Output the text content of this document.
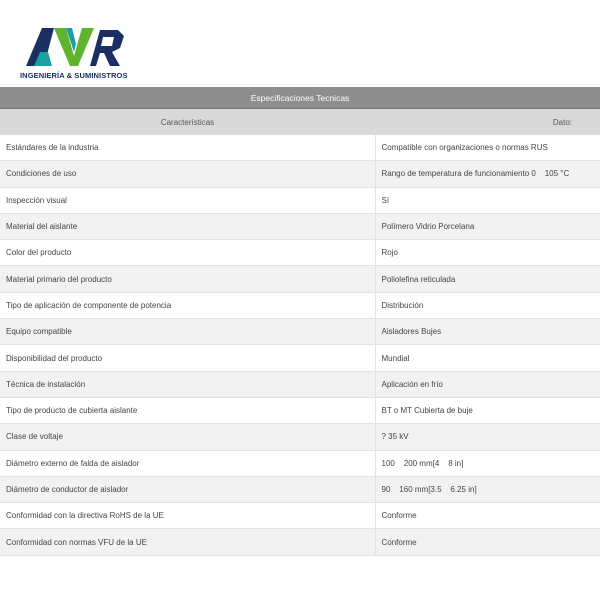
INGENIERÍA & SUMINISTROS
Especificaciones Tecnicas	
Características	Dato:
Estándares de la industria	Compatible con organizaciones o normas RUS
Condiciones de uso	Rango de temperatura de funcionamiento 0    105 °C
Inspección visual	Sí
Material del aislante	Polímero Vidrio Porcelana
Color del producto	Rojo
Material primario del producto	Poliolefina reticulada
Tipo de aplicación de componente de potencia	Distribución
Equipo compatible	Aisladores Bujes
Disponibilidad del producto	Mundial
Técnica de instalación	Aplicación en frío
Tipo de producto de cubierta aislante	BT o MT Cubierta de buje
Clase de voltaje	? 35 kV
Diámetro externo de falda de aislador	100    200 mm[4    8 in]
Diámetro de conductor de aislador	90    160 mm[3.5    6.25 in]
Conformidad con la directiva RoHS de la UE	Conforme
Conformidad con normas VFU de la UE	Conforme
